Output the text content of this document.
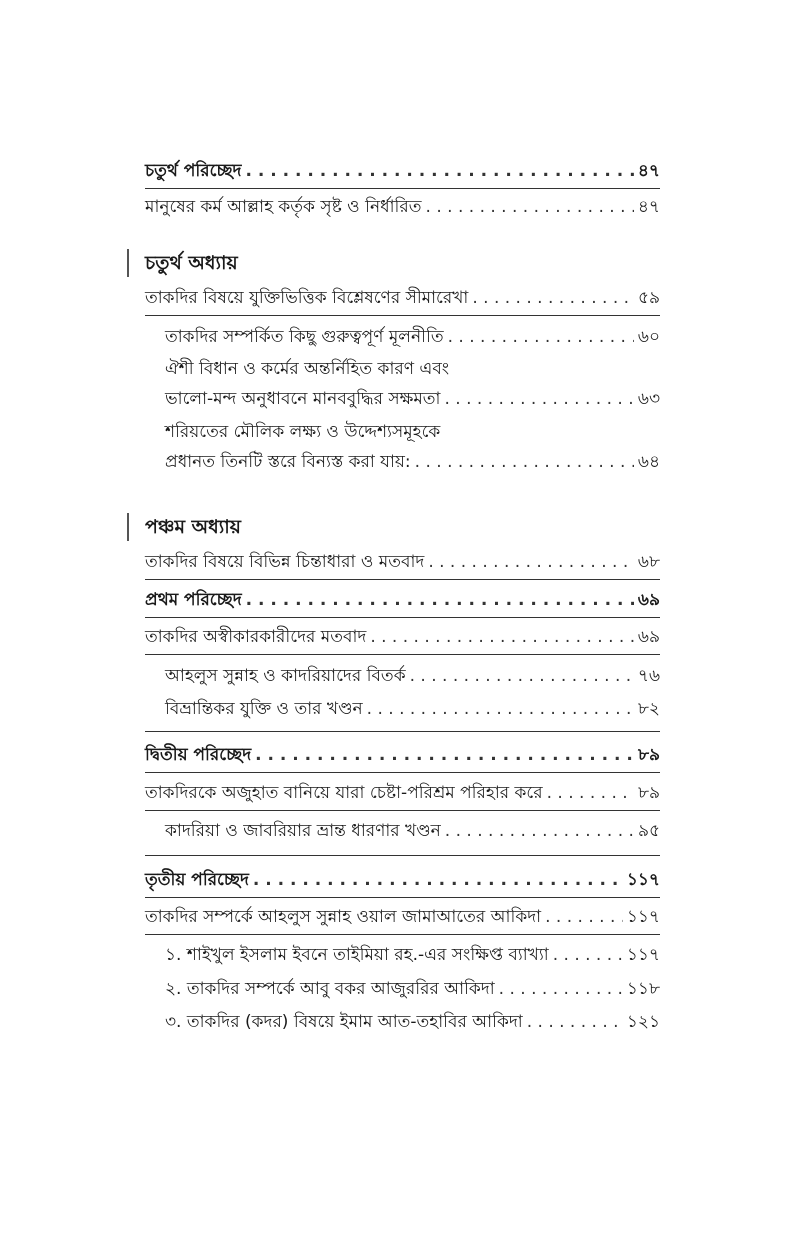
চতুর্থ পরিচ্ছেদ . . .	৪৭
মানুষের কর্ম আল্লাহ কর্তৃক সৃষ্ট ও নির্ধারিত . . .	৪৭
চতুর্থ অধ্যায়
তাকদির বিষয়ে যুক্তিভিত্তিক বিশ্লেষণের সীমারেখা . . .	৫৯
তাকদির সম্পর্কিত কিছু গুরুত্বপূর্ণ মূলনীতি . . .	৬০
ঐশী বিধান ও কর্মের অন্তর্নিহিত কারণ এবং
ভালো-মন্দ অনুধাবনে মানববুদ্ধির সক্ষমতা . . .	৬৩
শরিয়তের মৌলিক লক্ষ্য ও উদ্দেশ্যসমূহকে
প্রধানত তিনটি স্তরে বিন্যস্ত করা যায়: . . .	৬৪
পঞ্চম অধ্যায়
তাকদির বিষয়ে বিভিন্ন চিন্তাধারা ও মতবাদ . . .	৬৮
প্রথম পরিচ্ছেদ . . .	৬৯
তাকদির অস্বীকারকারীদের মতবাদ . . .	৬৯
আহলুস সুন্নাহ ও কাদরিয়াদের বিতর্ক . . .	৭৬
বিভ্রান্তিকর যুক্তি ও তার খণ্ডন . . .	৮২
দ্বিতীয় পরিচ্ছেদ . . .	৮৯
তাকদিরকে অজুহাত বানিয়ে যারা চেষ্টা-পরিশ্রম পরিহার করে . . .	৮৯
কাদরিয়া ও জাবরিয়ার ভ্রান্ত ধারণার খণ্ডন . . .	৯৫
তৃতীয় পরিচ্ছেদ . . .	১১৭
তাকদির সম্পর্কে আহলুস সুন্নাহ ওয়াল জামাআতের আকিদা . . .	১১৭
১. শাইখুল ইসলাম ইবনে তাইমিয়া রহ.-এর সংক্ষিপ্ত ব্যাখ্যা . . .	১১৭
২. তাকদির সম্পর্কে আবু বকর আজুররির আকিদা . . .	১১৮
৩. তাকদির (কদর) বিষয়ে ইমাম আত-তহাবির আকিদা . . .	১২১
